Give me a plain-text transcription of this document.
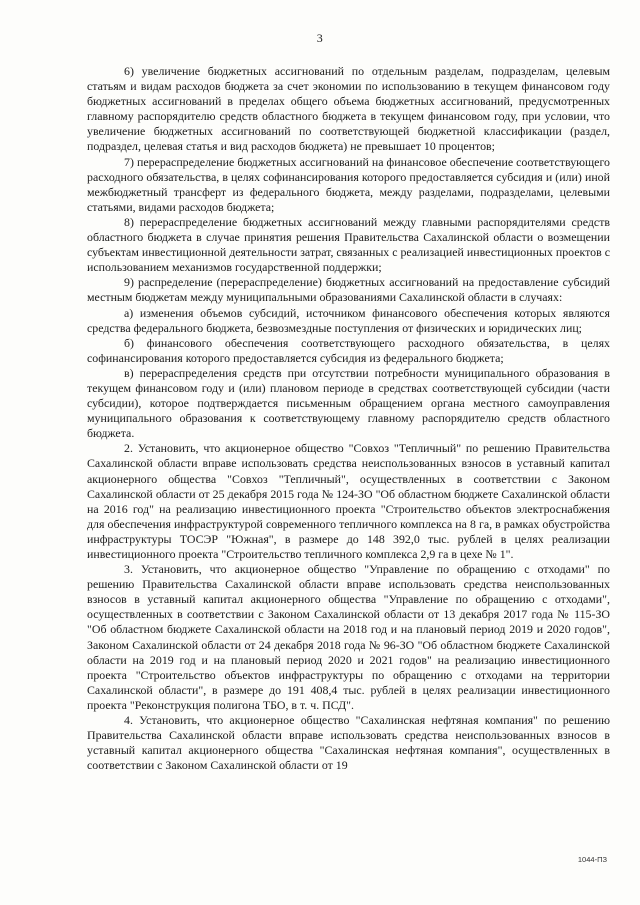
3

6) увеличение бюджетных ассигнований по отдельным разделам, подразделам, целевым статьям и видам расходов бюджета за счет экономии по использованию в текущем финансовом году бюджетных ассигнований в пределах общего объема бюджетных ассигнований, предусмотренных главному распорядителю средств областного бюджета в текущем финансовом году, при условии, что увеличение бюджетных ассигнований по соответствующей бюджетной классификации (раздел, подраздел, целевая статья и вид расходов бюджета) не превышает 10 процентов;

7) перераспределение бюджетных ассигнований на финансовое обеспечение соответствующего расходного обязательства, в целях софинансирования которого предоставляется субсидия и (или) иной межбюджетный трансферт из федерального бюджета, между разделами, подразделами, целевыми статьями, видами расходов бюджета;

8) перераспределение бюджетных ассигнований между главными распорядителями средств областного бюджета в случае принятия решения Правительства Сахалинской области о возмещении субъектам инвестиционной деятельности затрат, связанных с реализацией инвестиционных проектов с использованием механизмов государственной поддержки;

9) распределение (перераспределение) бюджетных ассигнований на предоставление субсидий местным бюджетам между муниципальными образованиями Сахалинской области в случаях:

а) изменения объемов субсидий, источником финансового обеспечения которых являются средства федерального бюджета, безвозмездные поступления от физических и юридических лиц;

б) финансового обеспечения соответствующего расходного обязательства, в целях софинансирования которого предоставляется субсидия из федерального бюджета;

в) перераспределения средств при отсутствии потребности муниципального образования в текущем финансовом году и (или) плановом периоде в средствах соответствующей субсидии (части субсидии), которое подтверждается письменным обращением органа местного самоуправления муниципального образования к соответствующему главному распорядителю средств областного бюджета.

2. Установить, что акционерное общество "Совхоз "Тепличный" по решению Правительства Сахалинской области вправе использовать средства неиспользованных взносов в уставный капитал акционерного общества "Совхоз "Тепличный", осуществленных в соответствии с Законом Сахалинской области от 25 декабря 2015 года № 124-ЗО "Об областном бюджете Сахалинской области на 2016 год" на реализацию инвестиционного проекта "Строительство объектов электроснабжения для обеспечения инфраструктурой современного тепличного комплекса на 8 га, в рамках обустройства инфраструктуры ТОСЭР "Южная", в размере до 148 392,0 тыс. рублей в целях реализации инвестиционного проекта "Строительство тепличного комплекса 2,9 га в цехе № 1".

3. Установить, что акционерное общество "Управление по обращению с отходами" по решению Правительства Сахалинской области вправе использовать средства неиспользованных взносов в уставный капитал акционерного общества "Управление по обращению с отходами", осуществленных в соответствии с Законом Сахалинской области от 13 декабря 2017 года № 115-ЗО "Об областном бюджете Сахалинской области на 2018 год и на плановый период 2019 и 2020 годов", Законом Сахалинской области от 24 декабря 2018 года № 96-ЗО "Об областном бюджете Сахалинской области на 2019 год и на плановый период 2020 и 2021 годов" на реализацию инвестиционного проекта "Строительство объектов инфраструктуры по обращению с отходами на территории Сахалинской области", в размере до 191 408,4 тыс. рублей в целях реализации инвестиционного проекта "Реконструкция полигона ТБО, в т. ч. ПСД".

4. Установить, что акционерное общество "Сахалинская нефтяная компания" по решению Правительства Сахалинской области вправе использовать средства неиспользованных взносов в уставный капитал акционерного общества "Сахалинская нефтяная компания", осуществленных в соответствии с Законом Сахалинской области от 19

1044-ПЗ
